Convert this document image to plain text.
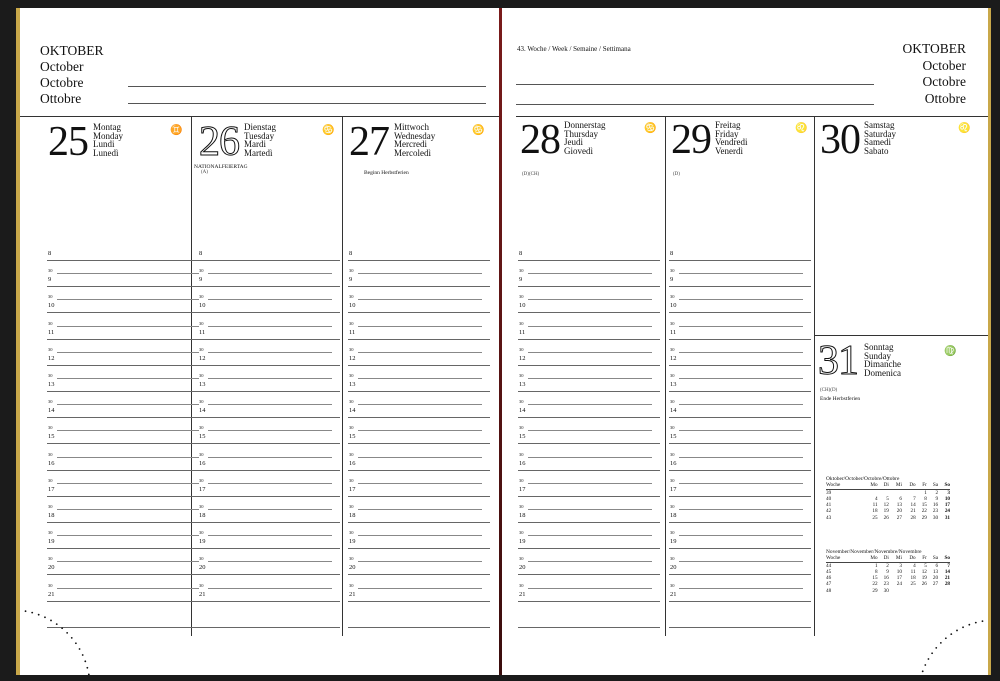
OKTOBER
October
Octobre
Ottobre
25 Montag
Monday
Lundi
Lunedì
♊ 26 Dienstag
Tuesday
Mardi
Martedì
♋
NATIONALFEIERTAG
(A)
27 Mittwoch
Wednesday
Mercredi
Mercoledì
♋
Beginn Herbstferien
8
30
9
30
10
30
11
30
12
30
13
30
14
30
15
30
16
30
17
30
18
30
19
30
20
30
21
8
30
9
30
10
30
11
30
12
30
13
30
14
30
15
30
16
30
17
30
18
30
19
30
20
30
21
8
30
9
30
10
30
11
30
12
30
13
30
14
30
15
30
16
30
17
30
18
30
19
30
20
30
21
43. Woche / Week / Semaine / Settimana	OKTOBER
October
Octobre
Ottobre
28 Donnerstag
Thursday
Jeudi
Giovedì
♋
(D)(CH)
29 Freitag
Friday
Vendredi
Venerdì
♌
(D)
30 Samstag
Saturday
Samedi
Sabato
♌
31 Sonntag
Sunday
Dimanche
Domenica
♍
(CH)(D)
Ende Herbstferien
8
30
9
30
10
30
11
30
12
30
13
30
14
30
15
30
16
30
17
30
18
30
19
30
20
30
21
8
30
9
30
10
30
11
30
12
30
13
30
14
30
15
30
16
30
17
30
18
30
19
30
20
30
21
Oktober/October/Octobre/Ottobre
Woche	Mo	Di	Mi	Do	Fr	Sa	So
39					1	2	3
40	4	5	6	7	8	9	10
41	11	12	13	14	15	16	17
42	18	19	20	21	22	23	24
43	25	26	27	28	29	30	31
November/November/Novembre/Novembre
Woche	Mo	Di	Mi	Do	Fr	Sa	So
44	1	2	3	4	5	6	7
45	8	9	10	11	12	13	14
46	15	16	17	18	19	20	21
47	22	23	24	25	26	27	28
48	29	30					
